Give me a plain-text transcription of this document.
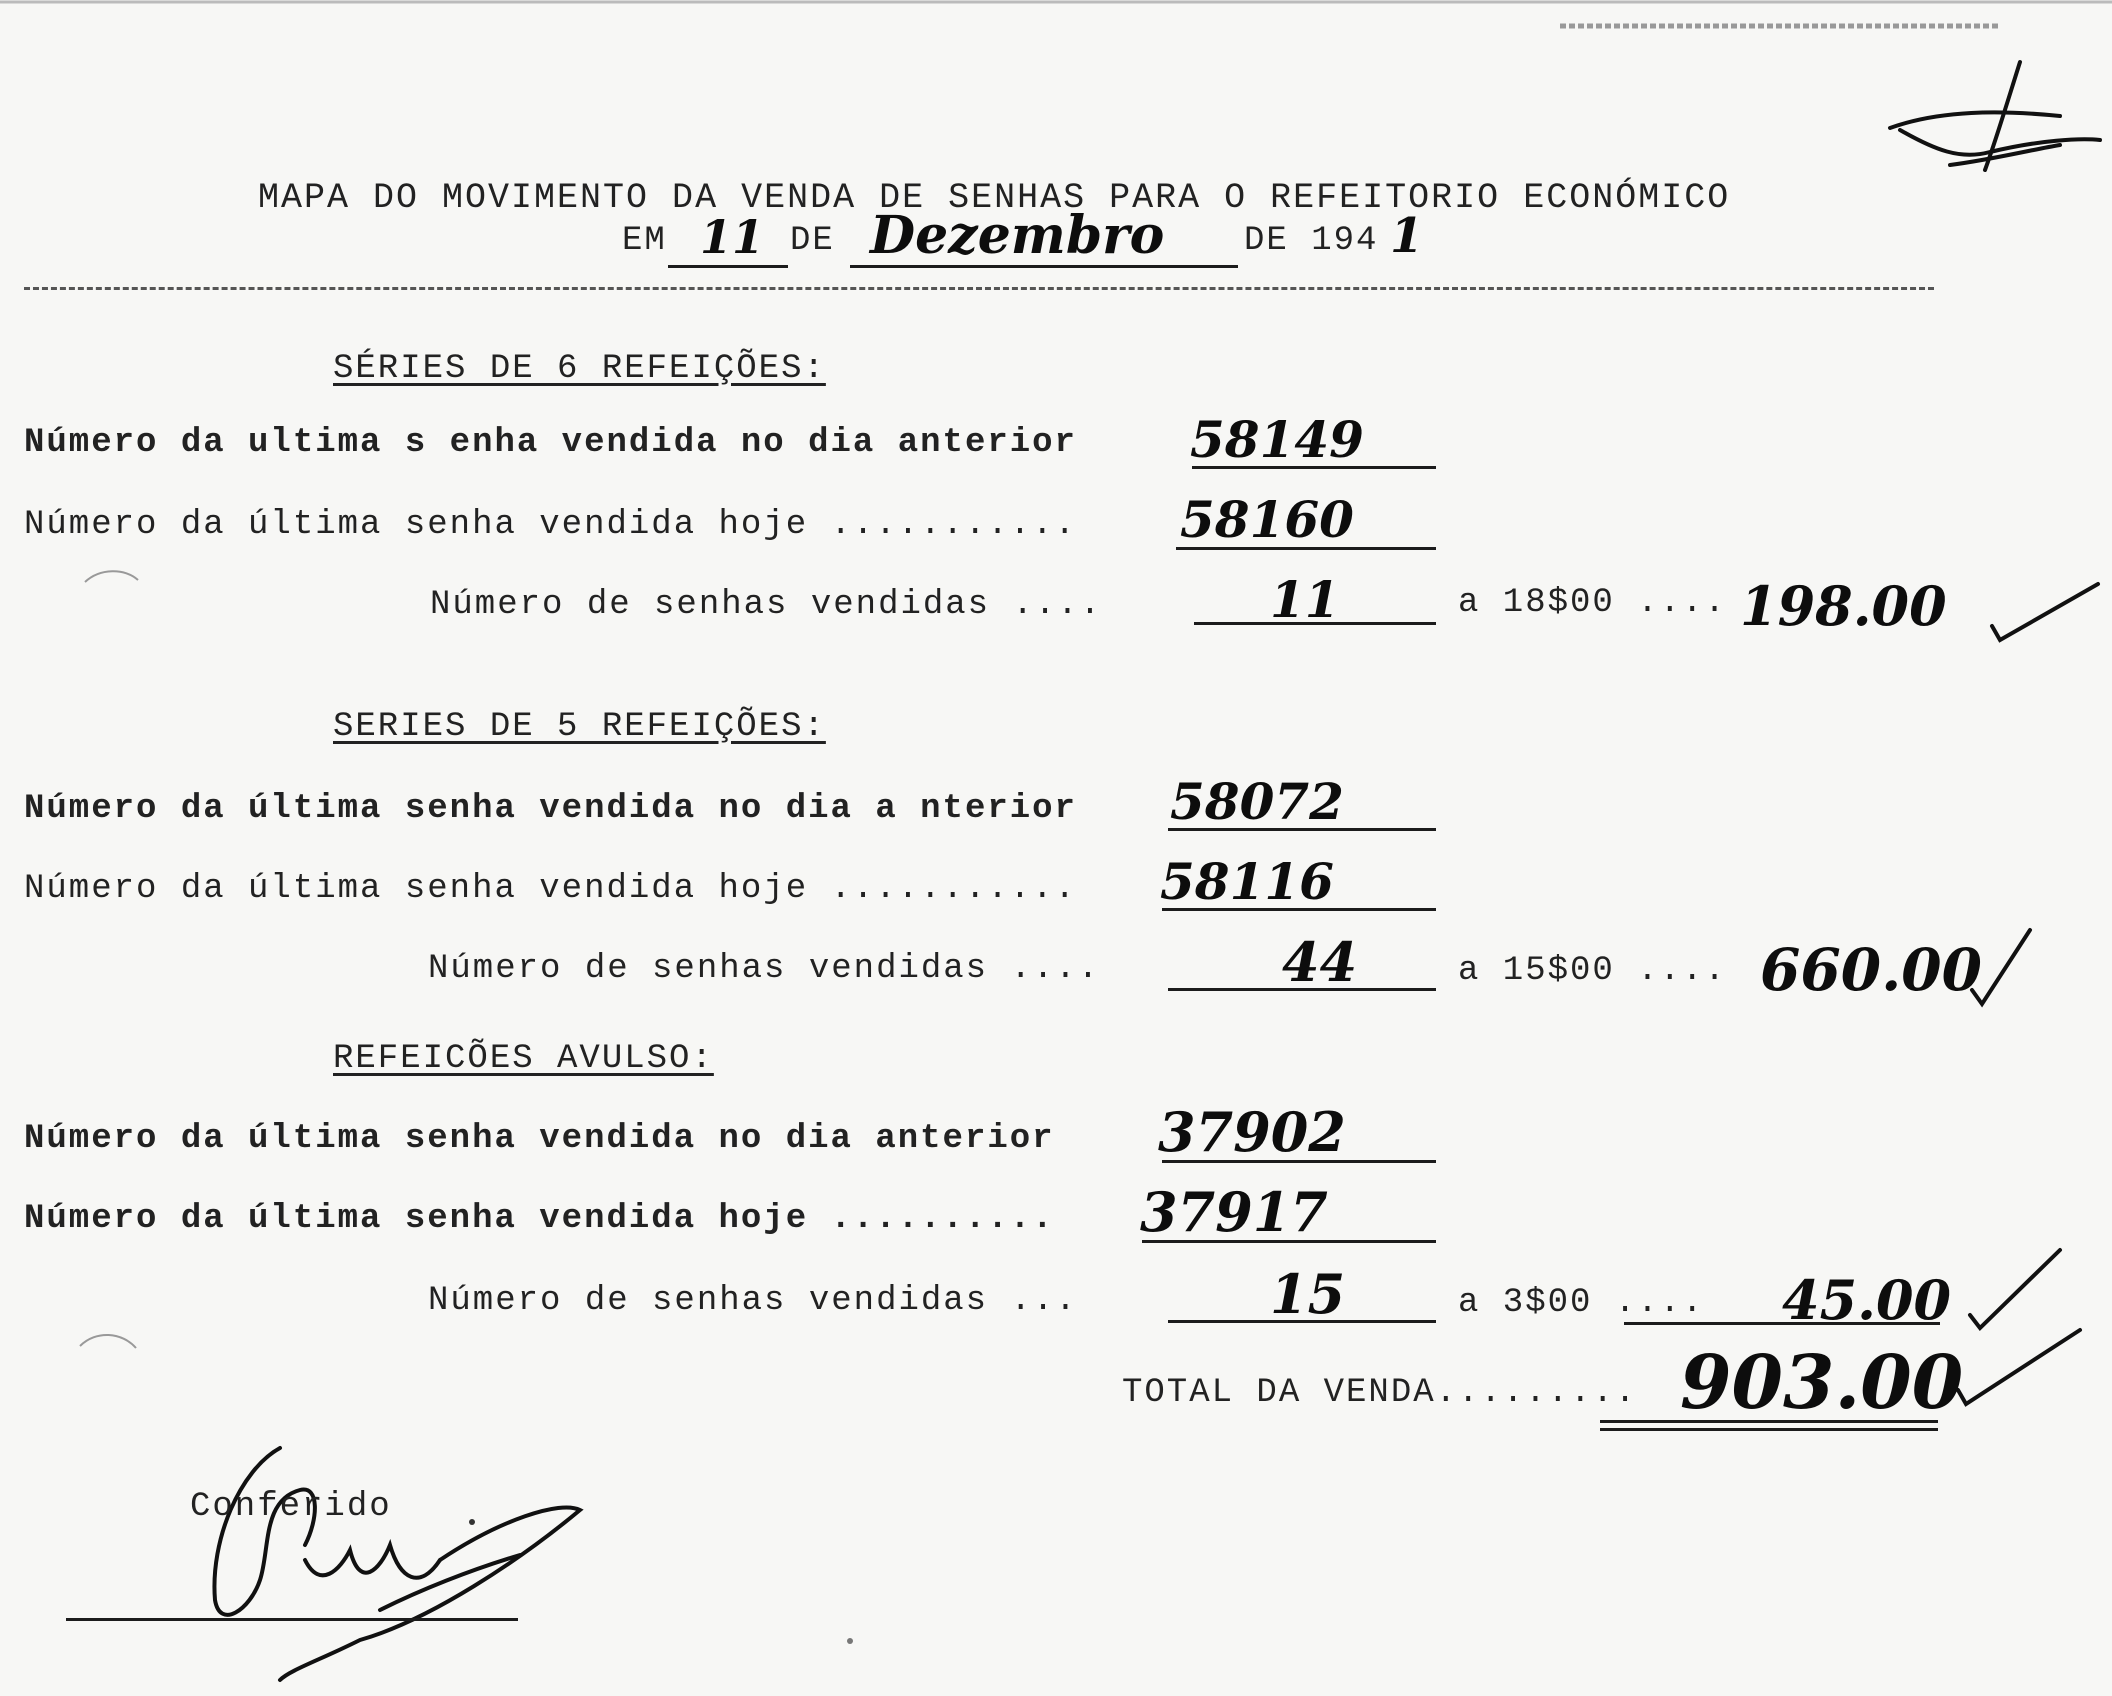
MAPA DO MOVIMENTO DA VENDA DE SENHAS PARA O REFEITORIO ECONÓMICO
EM 11 DE Dezembro DE 194 1
SÉRIES DE 6 REFEIÇÕES:
Número da ultima s enha vendida no dia anterior 58149
Número da última senha vendida hoje ........... 58160
Número de senhas vendidas ....	11	a 18$00 .... 198.00
SERIES DE 5 REFEIÇÕES:
Número da última senha vendida no dia a nterior 58072
Número da última senha vendida hoje ........... 58116
Número de senhas vendidas ....	44	a 15$00 .... 660.00
REFEICÕES AVULSO:
Número da última senha vendida no dia anterior 37902
Número da última senha vendida hoje .......... 37917
Número de senhas vendidas ...	15	a 3$00 .... 45.00
TOTAL DA VENDA......... 903.00
Conferido
